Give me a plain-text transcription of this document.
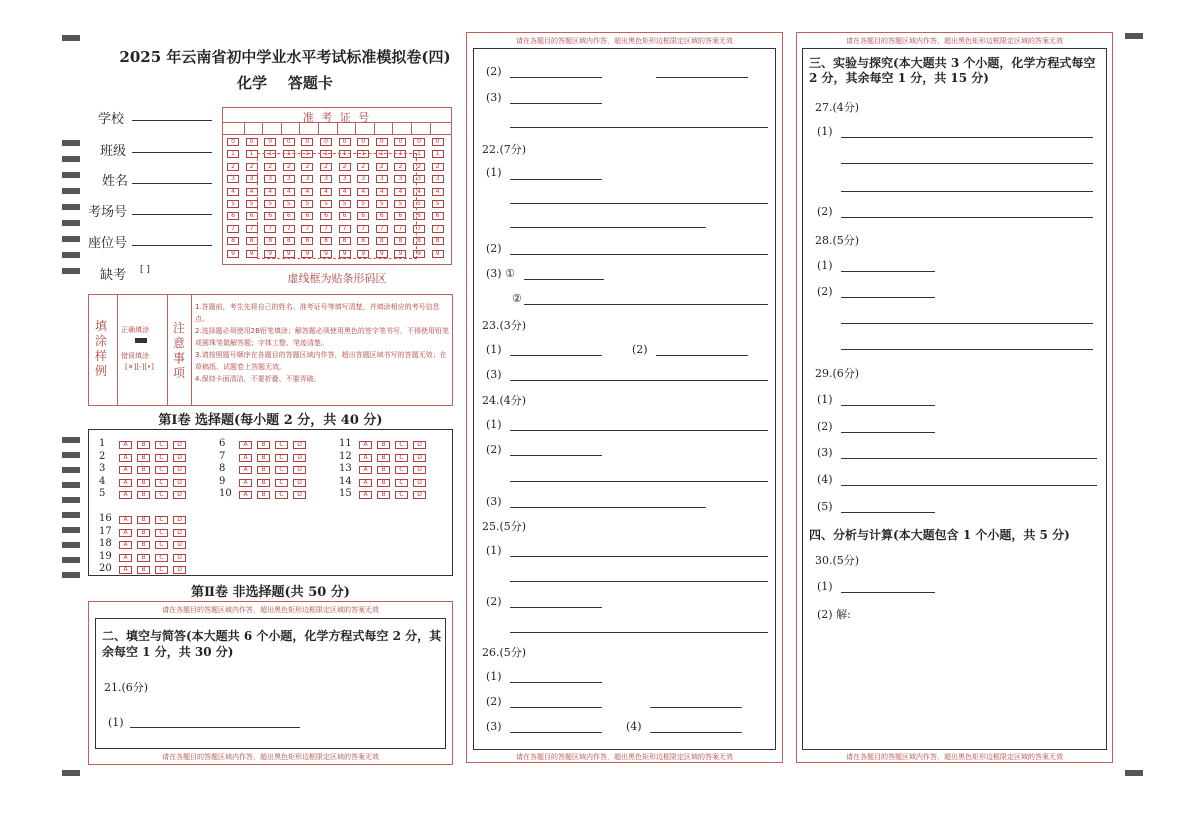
2025 年云南省初中学业水平考试标准模拟卷(四)
化学    答题卡
学校
班级
姓名
考场号
座位号
缺考 [ ]
准 考 证 号
0	0	0	0	0	0	0	0	0	0	0	0
1	1	1	1	1	1	1	1	1	1	1	1
2	2	2	2	2	2	2	2	2	2	2	2
3	3	3	3	3	3	3	3	3	3	3	3
4	4	4	4	4	4	4	4	4	4	4	4
5	5	5	5	5	5	5	5	5	5	5	5
6	6	6	6	6	6	6	6	6	6	6	6
7	7	7	7	7	7	7	7	7	7	7	7
8	8	8	8	8	8	8	8	8	8	8	8
9	9	9	9	9	9	9	9	9	9	9	9
虚线框为贴条形码区
填涂样例
正确填涂
错误填涂
[✕][-][•]
注意事项
1.答题前，考生先将自己的姓名、准考证号等填写清楚，并填涂相应的考号信息点。
2.选择题必须使用2B铅笔填涂；解答题必须使用黑色的签字笔书写，不得使用铅笔或圆珠笔做解答题；字体工整、笔迹清楚。
3.请按照题号顺序在各题目的答题区域内作答，超出答题区域书写的答题无效；在草稿纸、试题卷上答题无效。
4.保持卡面清洁，不要折叠、不要弄破。
第Ⅰ卷 选择题(每小题 2 分，共 40 分)
1	A B C D
2	A B C D
3	A B C D
4	A B C D
5	A B C D
6	A B C D
7	A B C D
8	A B C D
9	A B C D
10 A B C D
11 A B C D
12 A B C D
13 A B C D
14 A B C D
15 A B C D
16 A B C D
17 A B C D
18 A B C D
19 A B C D
20 A B C D
第Ⅱ卷 非选择题(共 50 分)
请在各题目的答题区域内作答，超出黑色矩形边框限定区域的答案无效
二、填空与简答(本大题共 6 个小题，化学方程式每空 2 分，其余每空 1 分，共 30 分)
21.(6分)
(1)
请在各题目的答题区域内作答，超出黑色矩形边框限定区域的答案无效
请在各题目的答题区域内作答，超出黑色矩形边框限定区域的答案无效
(2)
(3)
22.(7分)
(1)
(2)
(3) ①
②
23.(3分)
(1)	(2)
(3)
24.(4分)
(1)
(2)
(3)
25.(5分)
(1)
(2)
26.(5分)
(1)
(2)
(3)	(4)
请在各题目的答题区域内作答，超出黑色矩形边框限定区域的答案无效
请在各题目的答题区域内作答，超出黑色矩形边框限定区域的答案无效
三、实验与探究(本大题共 3 个小题，化学方程式每空 2 分，其余每空 1 分，共 15 分)
27.(4分)
(1)
(2)
28.(5分)
(1)
(2)
29.(6分)
(1)
(2)
(3)
(4)
(5)
四、分析与计算(本大题包含 1 个小题，共 5 分)
30.(5分)
(1)
(2) 解:
请在各题目的答题区域内作答，超出黑色矩形边框限定区域的答案无效
